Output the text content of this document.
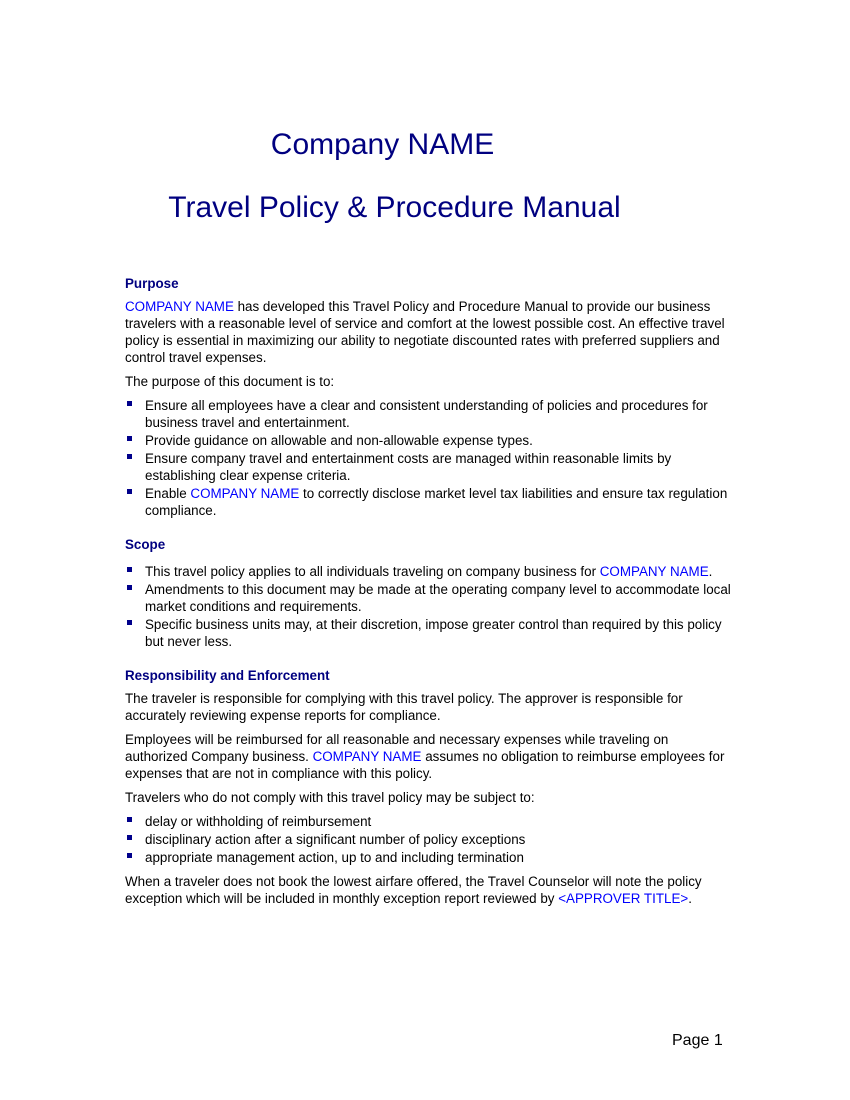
Company NAME
Travel Policy & Procedure Manual
Purpose

COMPANY NAME has developed this Travel Policy and Procedure Manual to provide our business travelers with a reasonable level of service and comfort at the lowest possible cost. An effective travel policy is essential in maximizing our ability to negotiate discounted rates with preferred suppliers and control travel expenses.

The purpose of this document is to:

Ensure all employees have a clear and consistent understanding of policies and procedures for business travel and entertainment.
Provide guidance on allowable and non-allowable expense types.
Ensure company travel and entertainment costs are managed within reasonable limits by establishing clear expense criteria.
Enable COMPANY NAME to correctly disclose market level tax liabilities and ensure tax regulation compliance.
Scope
This travel policy applies to all individuals traveling on company business for COMPANY NAME.
Amendments to this document may be made at the operating company level to accommodate local market conditions and requirements.
Specific business units may, at their discretion, impose greater control than required by this policy but never less.
Responsibility and Enforcement

The traveler is responsible for complying with this travel policy. The approver is responsible for accurately reviewing expense reports for compliance.

Employees will be reimbursed for all reasonable and necessary expenses while traveling on authorized Company business. COMPANY NAME assumes no obligation to reimburse employees for expenses that are not in compliance with this policy.

Travelers who do not comply with this travel policy may be subject to:

delay or withholding of reimbursement
disciplinary action after a significant number of policy exceptions
appropriate management action, up to and including termination

When a traveler does not book the lowest airfare offered, the Travel Counselor will note the policy exception which will be included in monthly exception report reviewed by <APPROVER TITLE>.

Page 1
